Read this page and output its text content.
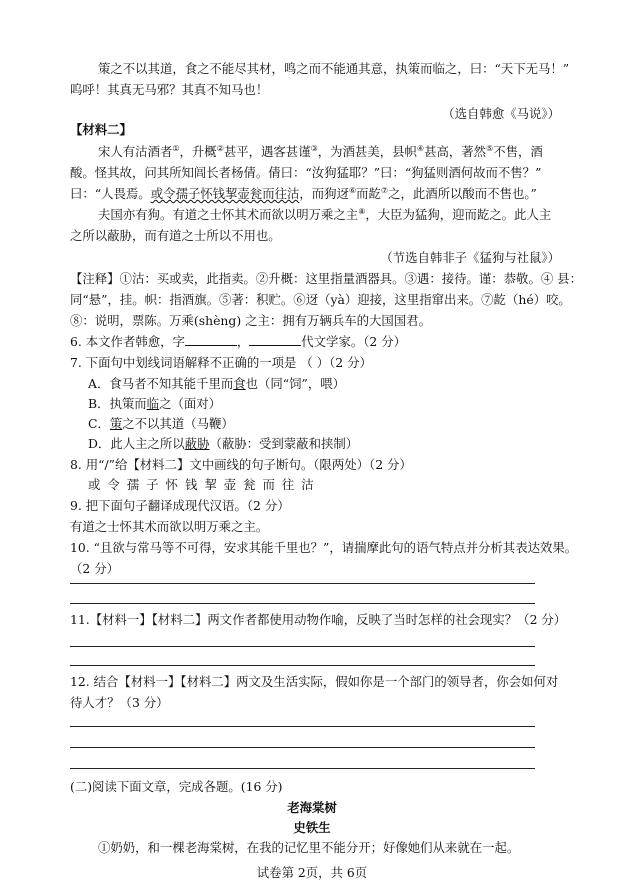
策之不以其道，食之不能尽其材，鸣之而不能通其意，执策而临之，曰：“天下无马！”
呜呼！其真无马邪？其真不知马也！
（选自韩愈《马说》）
【材料二】
宋人有沽酒者①，升概②甚平，遇客甚谨③，为酒甚美，县帜④甚高，著然⑤不售，酒
酸。怪其故，问其所知闾长者杨倩。倩曰：“汝狗猛耶？”曰：“狗猛则酒何故而不售？”
曰：“人畏焉。或令孺子怀钱挈壶瓮而往沽，而狗迓⑥而龁⑦之，此酒所以酸而不售也。”
夫国亦有狗。有道之士怀其术而欲以明万乘之主⑧，大臣为猛狗，迎而龁之。此人主
之所以蔽胁，而有道之士所以不用也。
（节选自韩非子《猛狗与社鼠》）
【注释】①沽：买或卖，此指卖。②升概：这里指量酒器具。③遇：接待。谨：恭敬。④ 县：
同“悬”，挂。帜：指酒旗。⑤著：积贮。⑥迓（yà）迎接，这里指窜出来。⑦龁（hé）咬。
⑧：说明，票陈。万乘(shèng) 之主：拥有万辆兵车的大国国君。
6. 本文作者韩愈，字	，	代文学家。（2 分）
7. 下面句中划线词语解释不正确的一项是 （ ）（2 分）
A．食马者不知其能千里而食也（同“饲”，喂）
B．执策而临之（面对）
C．策之不以其道（马鞭）
D．此人主之所以蔽胁（蔽胁：受到蒙蔽和挟制）
8. 用“/”给【材料二】文中画线的句子断句。（限两处）（2 分）
或令孺子怀钱挈壶瓮而往沽
9. 把下面句子翻译成现代汉语。（2 分）
有道之士怀其术而欲以明万乘之主。
10. “且欲与常马等不可得，安求其能千里也？”，请揣摩此句的语气特点并分析其表达效果。
（2 分）
11.【材料一】【材料二】两文作者都使用动物作喻，反映了当时怎样的社会现实？（2 分）
12. 结合【材料一】【材料二】两文及生活实际，假如你是一个部门的领导者，你会如何对
待人才？（3 分）
(二)阅读下面文章，完成各题。(16 分)
老海棠树
史铁生
①奶奶，和一棵老海棠树，在我的记忆里不能分开；好像她们从来就在一起。
试卷第 2页，共 6页
